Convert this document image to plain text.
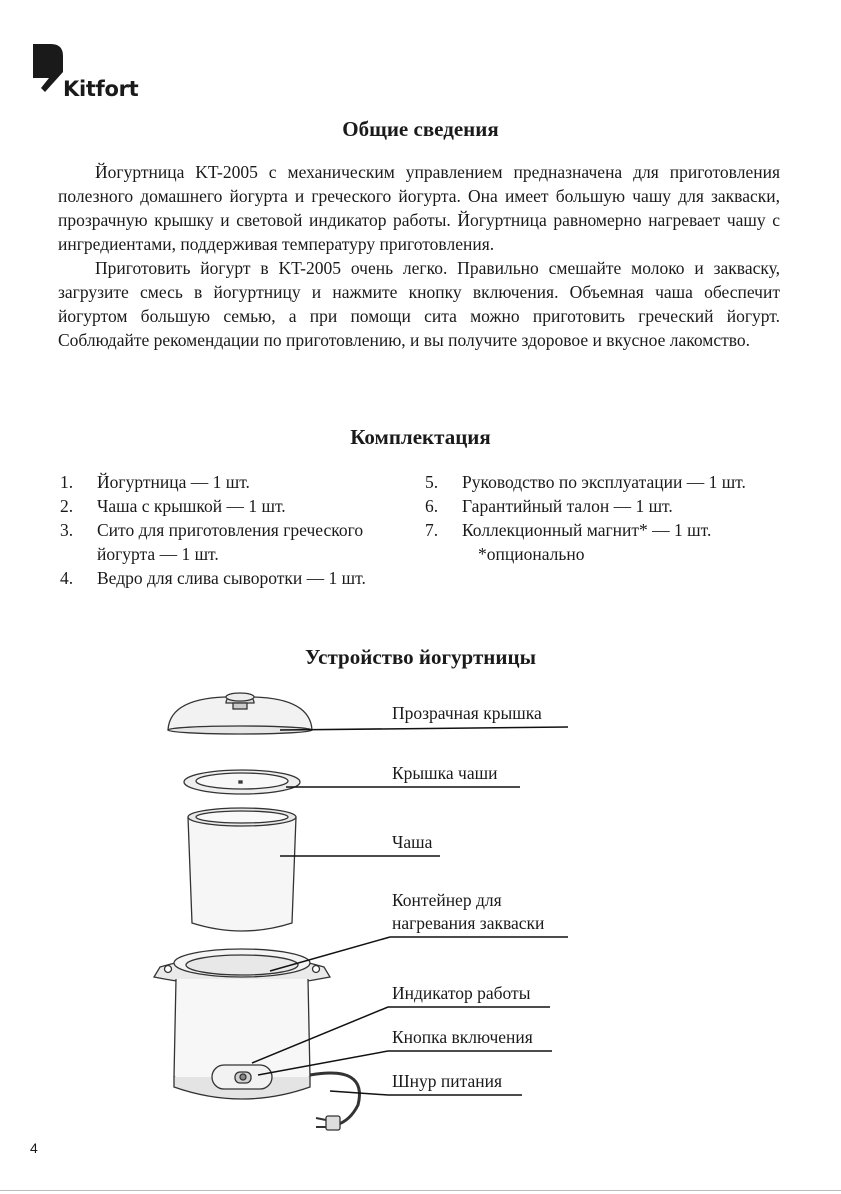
Kitfort
Общие сведения

Йогуртница KT-2005 с механическим управлением предназначена для приготовления полезного домашнего йогурта и греческого йогурта. Она имеет большую чашу для закваски, прозрачную крышку и световой индикатор работы. Йогуртница равномерно нагревает чашу с ингредиентами, поддерживая температуру приготовления.

Приготовить йогурт в KT-2005 очень легко. Правильно смешайте молоко и закваску, загрузите смесь в йогуртницу и нажмите кнопку включения. Объемная чаша обеспечит йогуртом большую семью, а при помощи сита можно приготовить греческий йогурт. Соблюдайте рекомендации по приготовлению, и вы получите здоровое и вкусное лакомство.

Комплектация
1. Йогуртница — 1 шт.
2. Чаша с крышкой — 1 шт.
3. Сито для приготовления греческого йогурта — 1 шт.
4. Ведро для слива сыворотки — 1 шт.
5. Руководство по эксплуатации — 1 шт.
6. Гарантийный талон — 1 шт.
7. Коллекционный магнит* — 1 шт.
*опционально
Устройство йогуртницы
Прозрачная крышка
Крышка чаши
Чаша
Контейнер для
нагревания закваски
Индикатор работы
Кнопка включения
Шнур питания
4
